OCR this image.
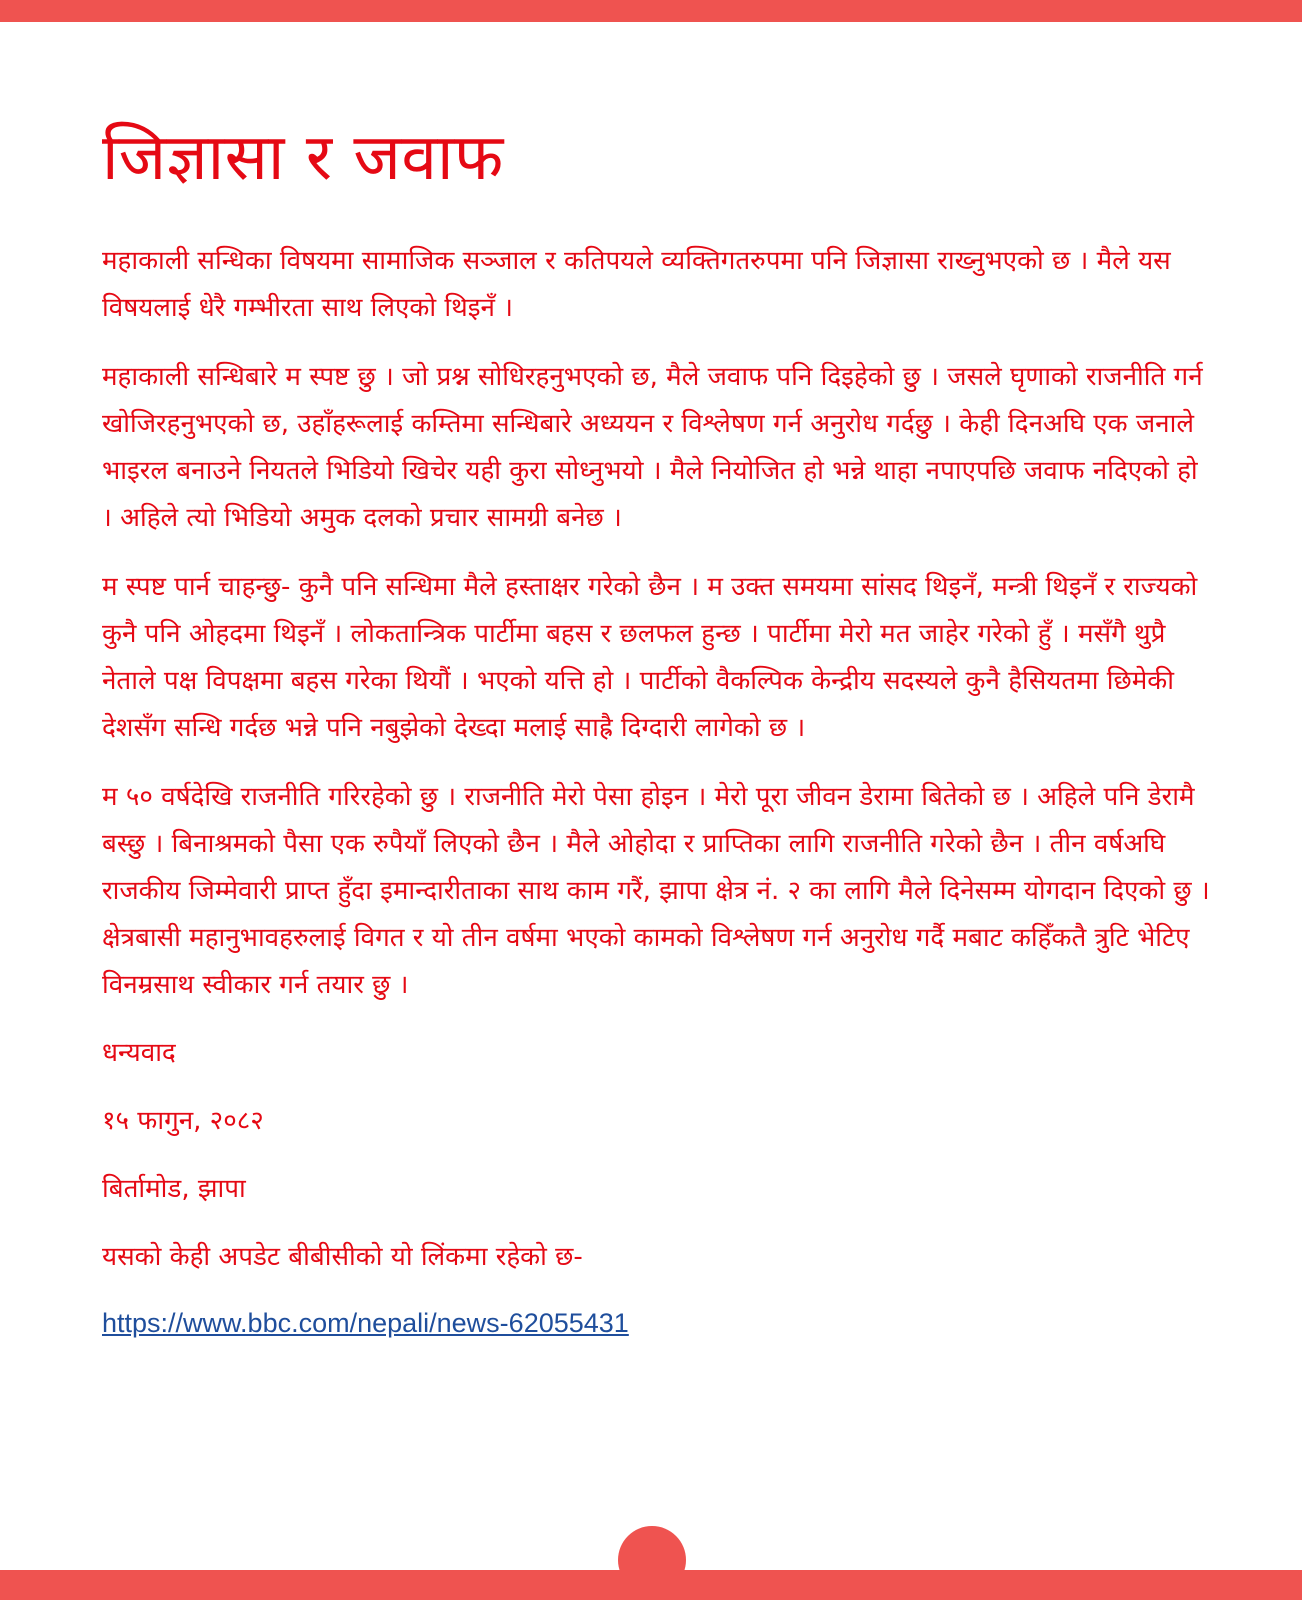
जिज्ञासा र जवाफ

महाकाली सन्धिका विषयमा सामाजिक सञ्जाल र कतिपयले व्यक्तिगतरुपमा पनि जिज्ञासा राख्नुभएको छ । मैले यस विषयलाई धेरै गम्भीरता साथ लिएको थिइनँ ।

महाकाली सन्धिबारे म स्पष्ट छु । जो प्रश्न सोधिरहनुभएको छ, मैले जवाफ पनि दिइहेको छु । जसले घृणाको राजनीति गर्न खोजिरहनुभएको छ, उहाँहरूलाई कम्तिमा सन्धिबारे अध्ययन र विश्लेषण गर्न अनुरोध गर्दछु । केही दिनअघि एक जनाले भाइरल बनाउने नियतले भिडियो खिचेर यही कुरा सोध्नुभयो । मैले नियोजित हो भन्ने थाहा नपाएपछि जवाफ नदिएको हो । अहिले त्यो भिडियो अमुक दलको प्रचार सामग्री बनेछ ।

म स्पष्ट पार्न चाहन्छु- कुनै पनि सन्धिमा मैले हस्ताक्षर गरेको छैन । म उक्त समयमा सांसद थिइनँ, मन्त्री थिइनँ र राज्यको कुनै पनि ओहदमा थिइनँ । लोकतान्त्रिक पार्टीमा बहस र छलफल हुन्छ । पार्टीमा मेरो मत जाहेर गरेको हुँ । मसँगै थुप्रै नेताले पक्ष विपक्षमा बहस गरेका थियौं । भएको यत्ति हो । पार्टीको वैकल्पिक केन्द्रीय सदस्यले कुनै हैसियतमा छिमेकी देशसँग सन्धि गर्दछ भन्ने पनि नबुझेको देख्दा मलाई साह्रै दिग्दारी लागेको छ ।

म ५० वर्षदेखि राजनीति गरिरहेको छु । राजनीति मेरो पेसा होइन । मेरो पूरा जीवन डेरामा बितेको छ । अहिले पनि डेरामै बस्छु । बिनाश्रमको पैसा एक रुपैयाँ लिएको छैन । मैले ओहोदा र प्राप्तिका लागि राजनीति गरेको छैन । तीन वर्षअघि राजकीय जिम्मेवारी प्राप्त हुँदा इमान्दारीताका साथ काम गरैं, झापा क्षेत्र नं. २ का लागि मैले दिनेसम्म योगदान दिएको छु । क्षेत्रबासी महानुभावहरुलाई विगत र यो तीन वर्षमा भएको कामको विश्लेषण गर्न अनुरोध गर्दै मबाट कहिँकतै त्रुटि भेटिए विनम्रसाथ स्वीकार गर्न तयार छु ।

धन्यवाद

१५ फागुन, २०८२

बिर्तामोड, झापा

यसको केही अपडेट बीबीसीको यो लिंकमा रहेको छ-

https://www.bbc.com/nepali/news-62055431
